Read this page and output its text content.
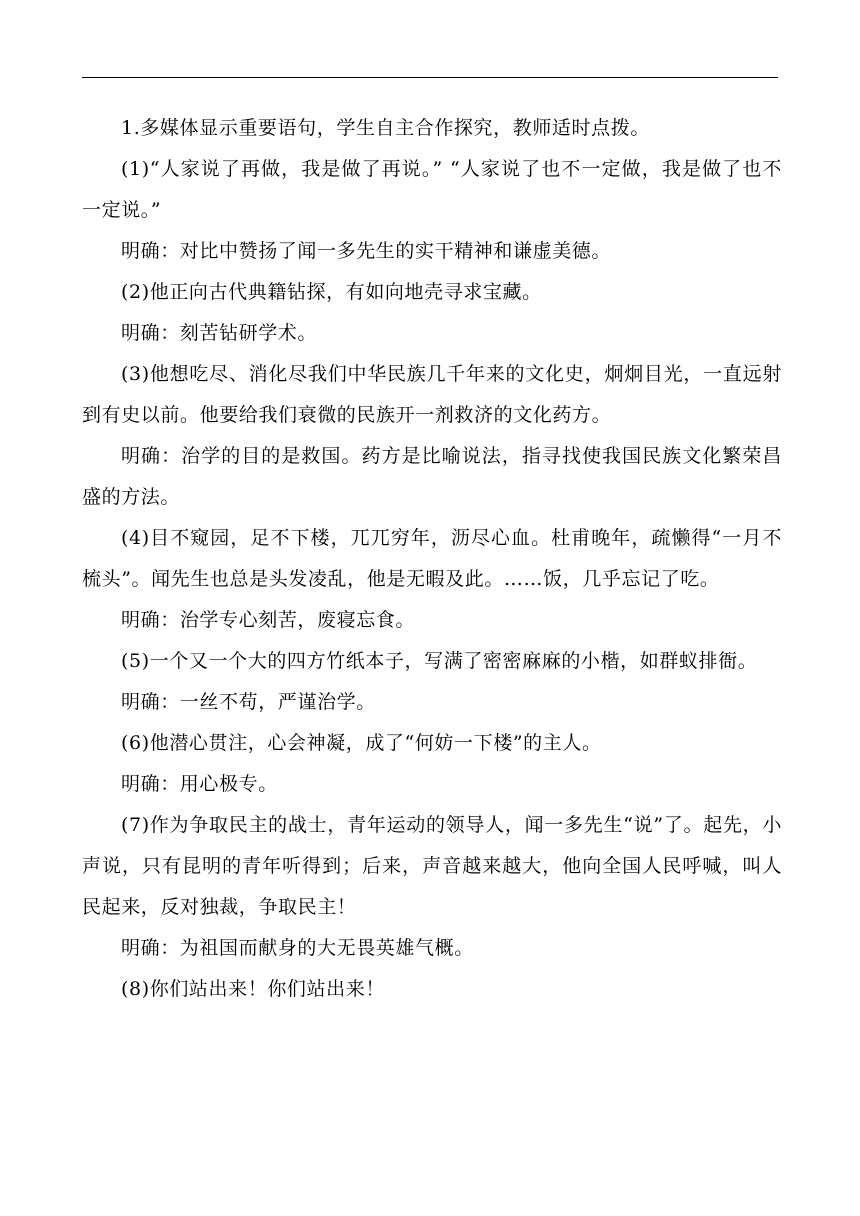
1.多媒体显示重要语句，学生自主合作探究，教师适时点拨。

(1)“人家说了再做，我是做了再说。” “人家说了也不一定做，我是做了也不一定说。”

明确：对比中赞扬了闻一多先生的实干精神和谦虚美德。

(2)他正向古代典籍钻探，有如向地壳寻求宝藏。

明确：刻苦钻研学术。

(3)他想吃尽、消化尽我们中华民族几千年来的文化史，炯炯目光，一直远射到有史以前。他要给我们衰微的民族开一剂救济的文化药方。

明确：治学的目的是救国。药方是比喻说法，指寻找使我国民族文化繁荣昌盛的方法。

(4)目不窥园，足不下楼，兀兀穷年，沥尽心血。杜甫晚年，疏懒得“一月不梳头”。闻先生也总是头发凌乱，他是无暇及此。……饭，几乎忘记了吃。

明确：治学专心刻苦，废寝忘食。

(5)一个又一个大的四方竹纸本子，写满了密密麻麻的小楷，如群蚁排衙。

明确：一丝不苟，严谨治学。

(6)他潜心贯注，心会神凝，成了“何妨一下楼”的主人。

明确：用心极专。

(7)作为争取民主的战士，青年运动的领导人，闻一多先生“说”了。起先，小声说，只有昆明的青年听得到；后来，声音越来越大，他向全国人民呼喊，叫人民起来，反对独裁，争取民主！

明确：为祖国而献身的大无畏英雄气概。

(8)你们站出来！你们站出来！
